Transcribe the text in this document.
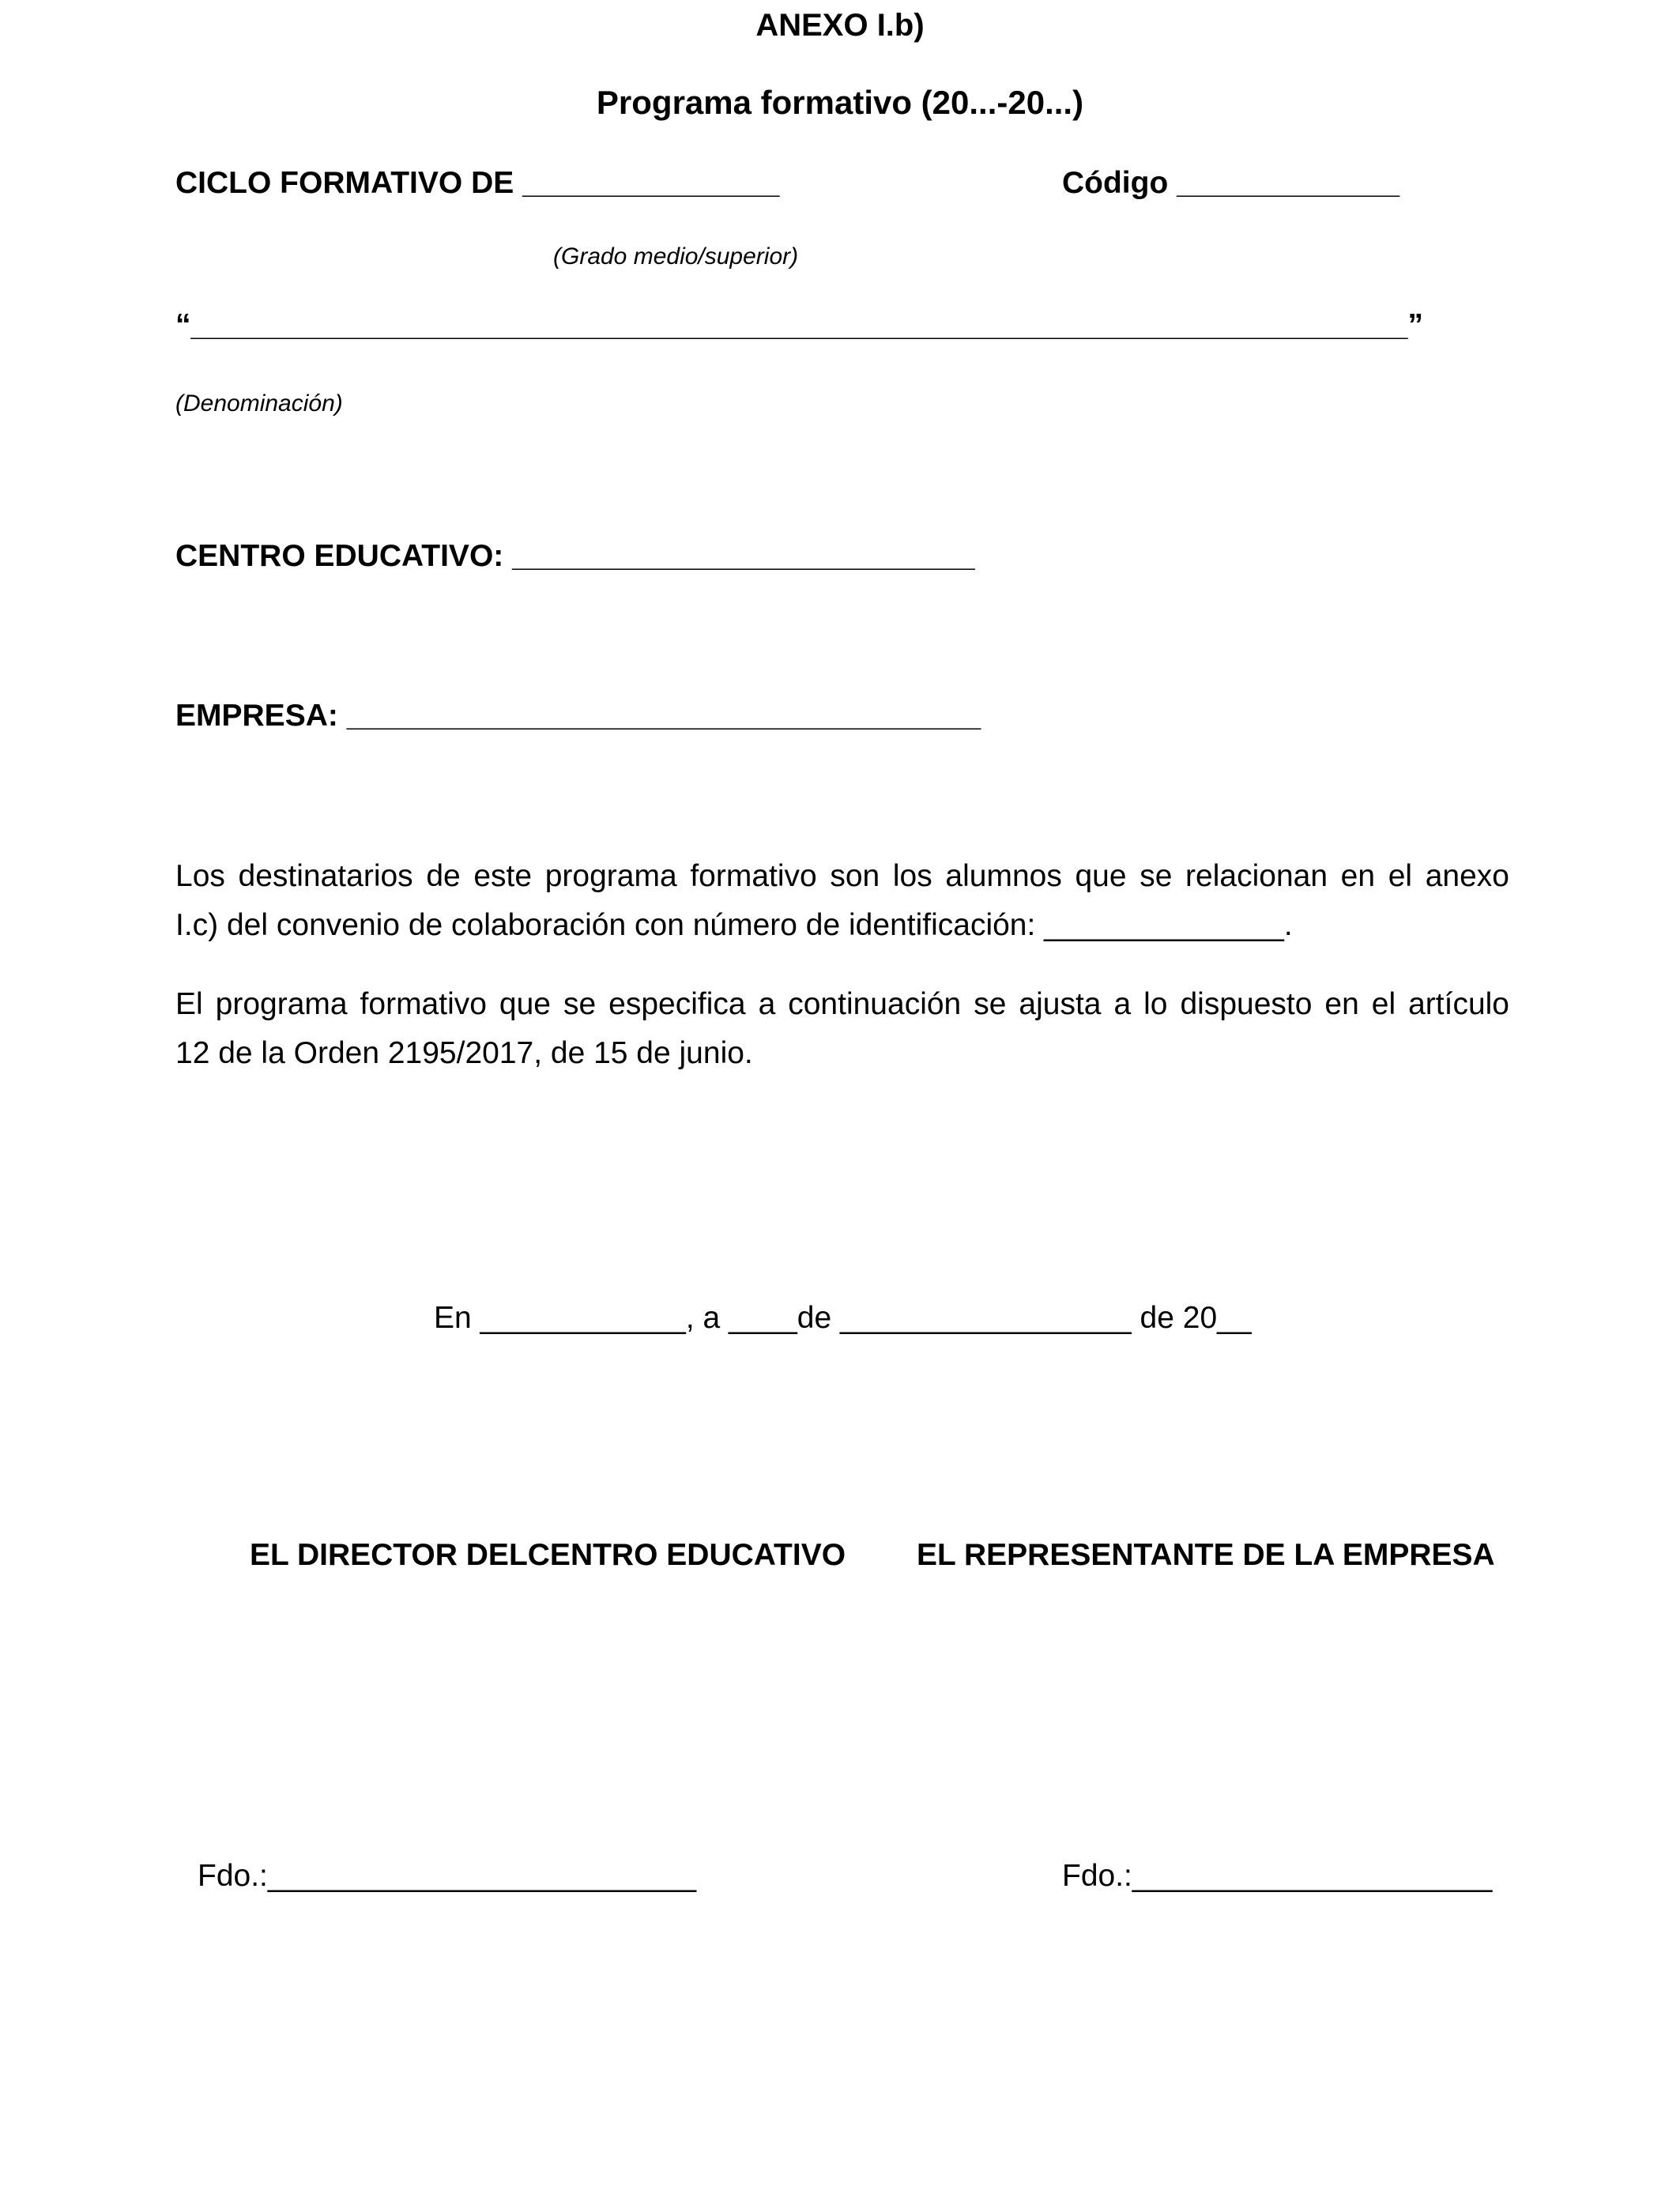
ANEXO I.b)
Programa formativo (20...-20...)
CICLO FORMATIVO DE _______________	Código _____________
(Grado medio/superior)
“_______________________________________________________________________”
(Denominación)
CENTRO EDUCATIVO: ___________________________
EMPRESA: _____________________________________
Los destinatarios de este programa formativo son los alumnos que se relacionan en el anexo
I.c) del convenio de colaboración con número de identificación: ______________.
El programa formativo que se especifica a continuación se ajusta a lo dispuesto en el artículo
12 de la Orden 2195/2017, de 15 de junio.
En ____________, a ____de _________________ de 20__
EL DIRECTOR DELCENTRO EDUCATIVO EL REPRESENTANTE DE LA EMPRESA
Fdo.:_________________________	Fdo.:_____________________
